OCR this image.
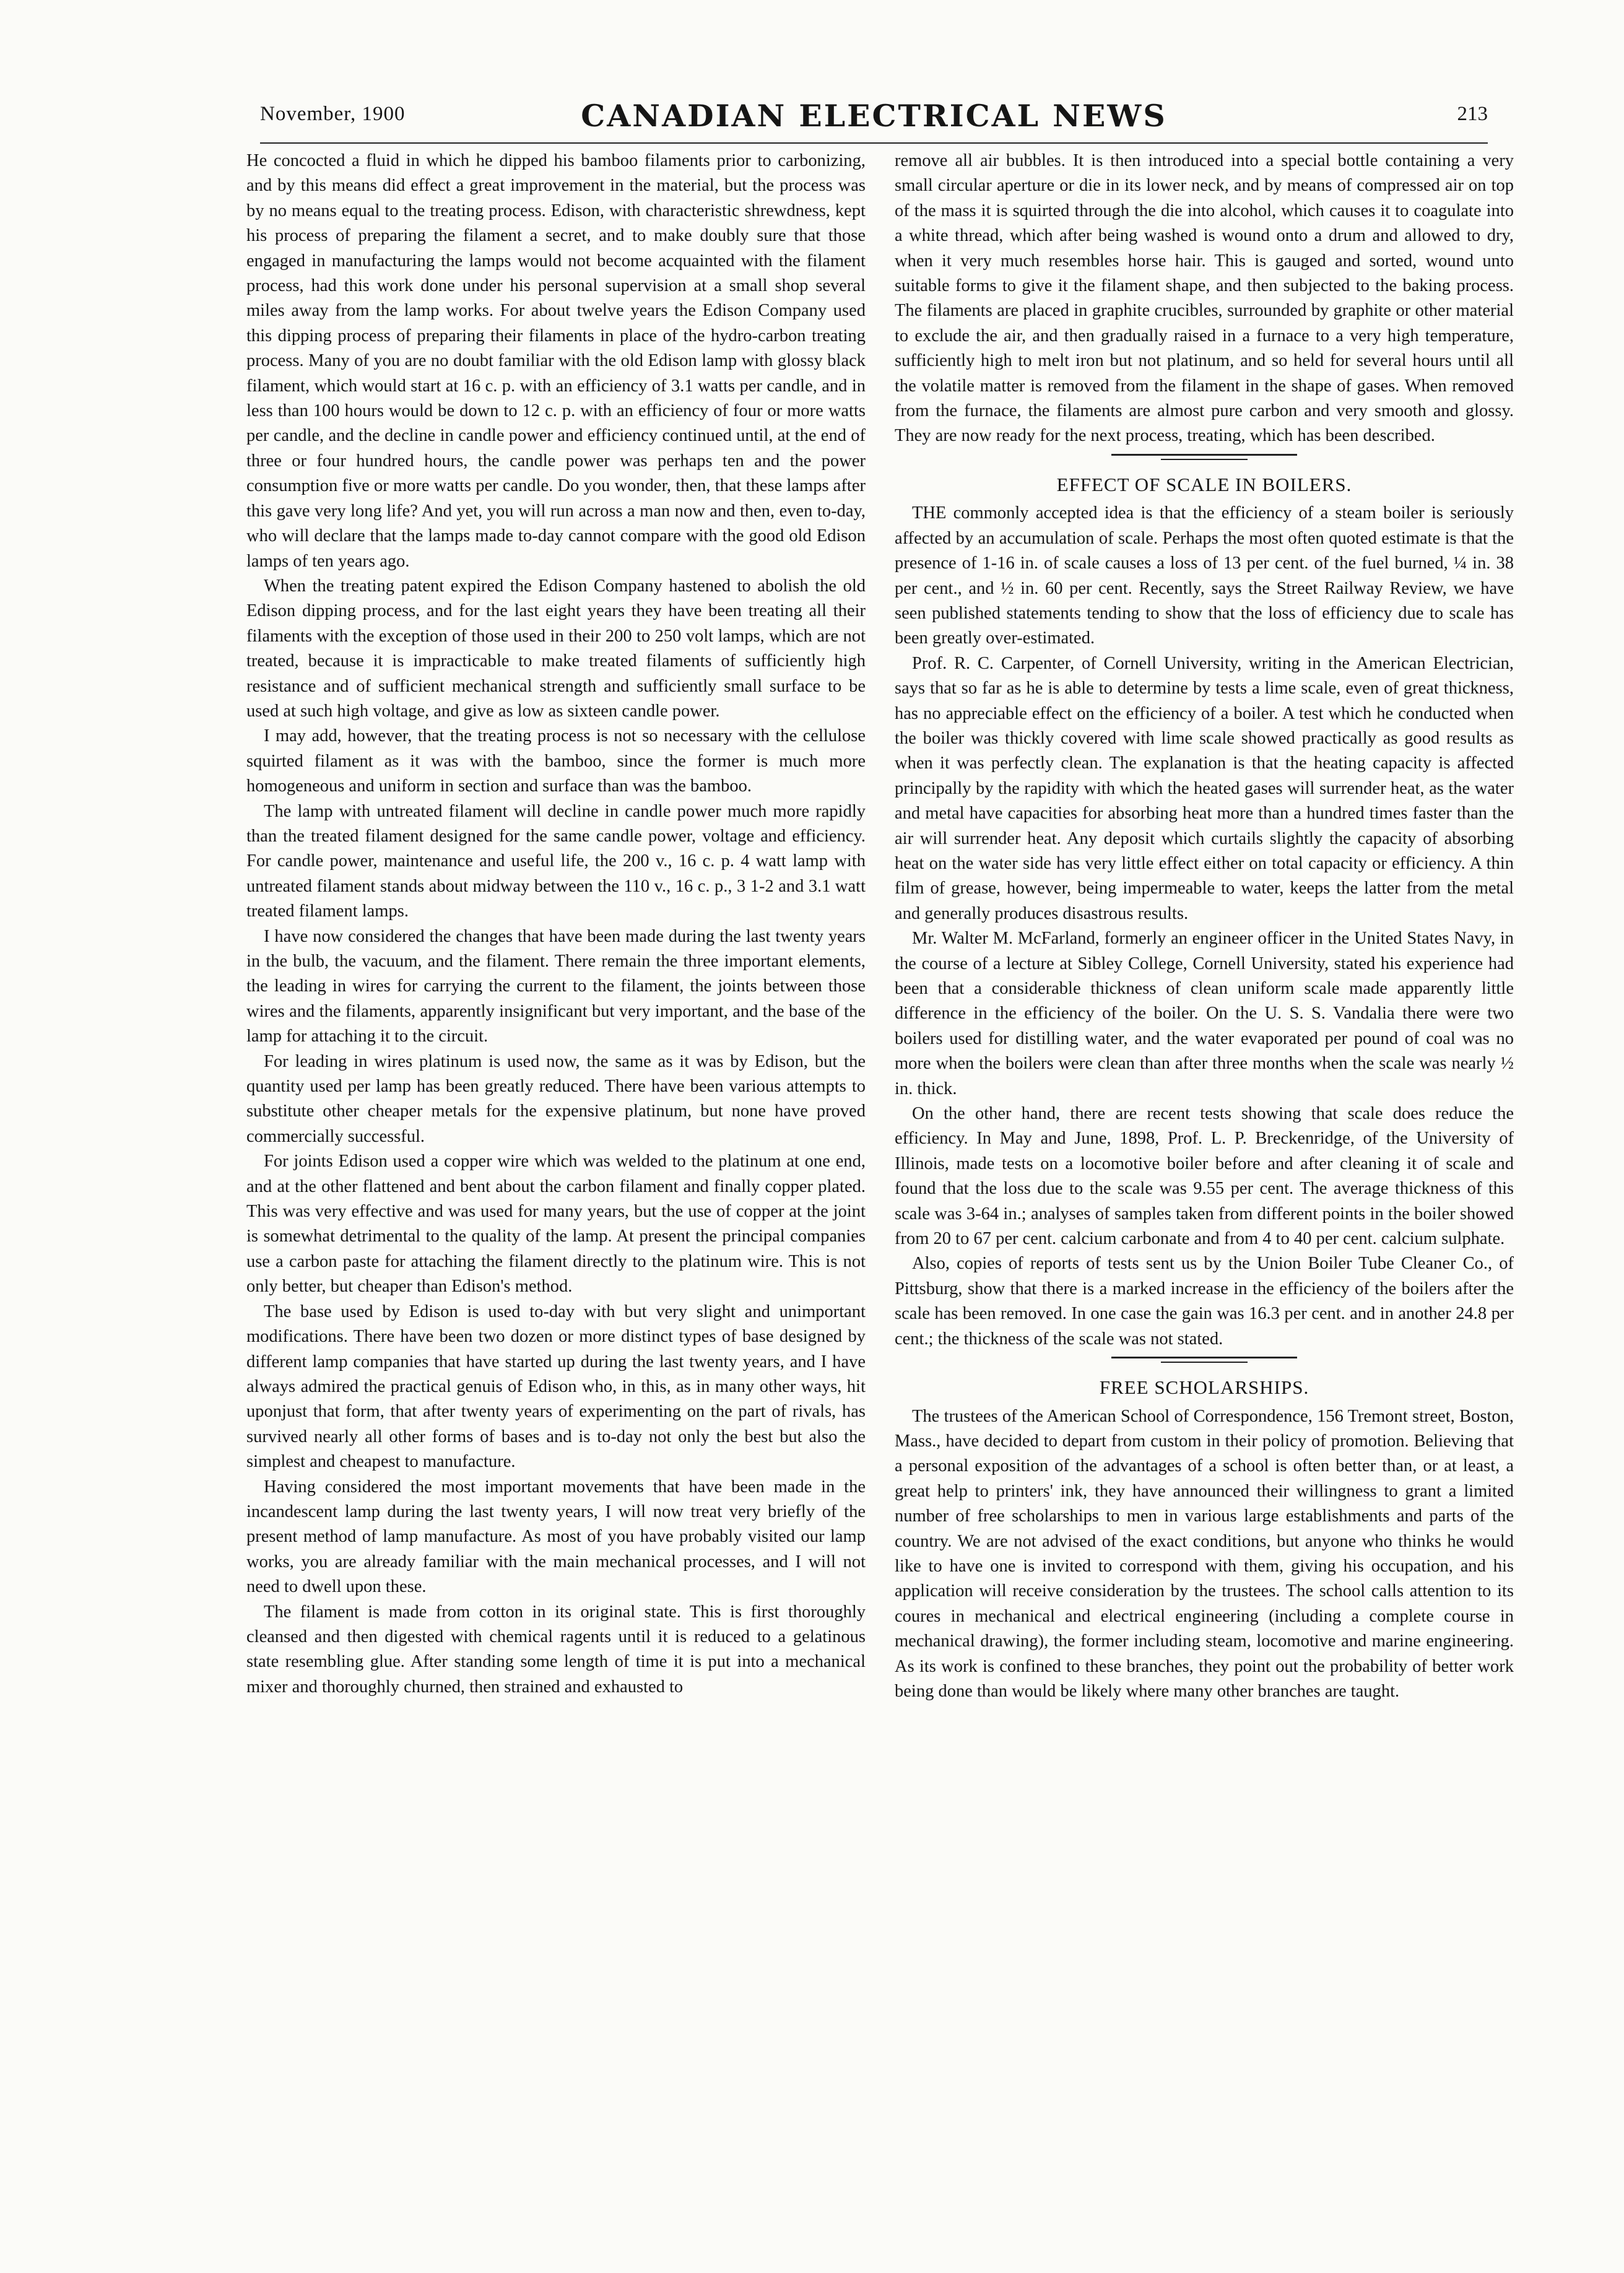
November, 1900	CANADIAN ELECTRICAL NEWS	213

He concocted a fluid in which he dipped his bamboo filaments prior to carbonizing, and by this means did effect a great improvement in the material, but the process was by no means equal to the treating process. Edison, with characteristic shrewdness, kept his process of preparing the filament a secret, and to make doubly sure that those engaged in manufacturing the lamps would not become acquainted with the filament process, had this work done under his personal supervision at a small shop several miles away from the lamp works. For about twelve years the Edison Company used this dipping process of preparing their filaments in place of the hydro-carbon treating process. Many of you are no doubt familiar with the old Edison lamp with glossy black filament, which would start at 16 c. p. with an efficiency of 3.1 watts per candle, and in less than 100 hours would be down to 12 c. p. with an efficiency of four or more watts per candle, and the decline in candle power and efficiency continued until, at the end of three or four hundred hours, the candle power was perhaps ten and the power consumption five or more watts per candle. Do you wonder, then, that these lamps after this gave very long life? And yet, you will run across a man now and then, even to-day, who will declare that the lamps made to-day cannot compare with the good old Edison lamps of ten years ago.

When the treating patent expired the Edison Company hastened to abolish the old Edison dipping process, and for the last eight years they have been treating all their filaments with the exception of those used in their 200 to 250 volt lamps, which are not treated, because it is impracticable to make treated filaments of sufficiently high resistance and of sufficient mechanical strength and sufficiently small surface to be used at such high voltage, and give as low as sixteen candle power.

I may add, however, that the treating process is not so necessary with the cellulose squirted filament as it was with the bamboo, since the former is much more homogeneous and uniform in section and surface than was the bamboo.

The lamp with untreated filament will decline in candle power much more rapidly than the treated filament designed for the same candle power, voltage and efficiency. For candle power, maintenance and useful life, the 200 v., 16 c. p. 4 watt lamp with untreated filament stands about midway between the 110 v., 16 c. p., 3 1-2 and 3.1 watt treated filament lamps.

I have now considered the changes that have been made during the last twenty years in the bulb, the vacuum, and the filament. There remain the three important elements, the leading in wires for carrying the current to the filament, the joints between those wires and the filaments, apparently insignificant but very important, and the base of the lamp for attaching it to the circuit.

For leading in wires platinum is used now, the same as it was by Edison, but the quantity used per lamp has been greatly reduced. There have been various attempts to substitute other cheaper metals for the expensive platinum, but none have proved commercially successful.

For joints Edison used a copper wire which was welded to the platinum at one end, and at the other flattened and bent about the carbon filament and finally copper plated. This was very effective and was used for many years, but the use of copper at the joint is somewhat detrimental to the quality of the lamp. At present the principal companies use a carbon paste for attaching the filament directly to the platinum wire. This is not only better, but cheaper than Edison's method.

The base used by Edison is used to-day with but very slight and unimportant modifications. There have been two dozen or more distinct types of base designed by different lamp companies that have started up during the last twenty years, and I have always admired the practical genuis of Edison who, in this, as in many other ways, hit uponjust that form, that after twenty years of experimenting on the part of rivals, has survived nearly all other forms of bases and is to-day not only the best but also the simplest and cheapest to manufacture.

Having considered the most important movements that have been made in the incandescent lamp during the last twenty years, I will now treat very briefly of the present method of lamp manufacture. As most of you have probably visited our lamp works, you are already familiar with the main mechanical processes, and I will not need to dwell upon these.

The filament is made from cotton in its original state. This is first thoroughly cleansed and then digested with chemical ragents until it is reduced to a gelatinous state resembling glue. After standing some length of time it is put into a mechanical mixer and thoroughly churned, then strained and exhausted to

remove all air bubbles. It is then introduced into a special bottle containing a very small circular aperture or die in its lower neck, and by means of compressed air on top of the mass it is squirted through the die into alcohol, which causes it to coagulate into a white thread, which after being washed is wound onto a drum and allowed to dry, when it very much resembles horse hair. This is gauged and sorted, wound unto suitable forms to give it the filament shape, and then subjected to the baking process. The filaments are placed in graphite crucibles, surrounded by graphite or other material to exclude the air, and then gradually raised in a furnace to a very high temperature, sufficiently high to melt iron but not platinum, and so held for several hours until all the volatile matter is removed from the filament in the shape of gases. When removed from the furnace, the filaments are almost pure carbon and very smooth and glossy. They are now ready for the next process, treating, which has been described.

EFFECT OF SCALE IN BOILERS.

THE commonly accepted idea is that the efficiency of a steam boiler is seriously affected by an accumulation of scale. Perhaps the most often quoted estimate is that the presence of 1-16 in. of scale causes a loss of 13 per cent. of the fuel burned, ¼ in. 38 per cent., and ½ in. 60 per cent. Recently, says the Street Railway Review, we have seen published statements tending to show that the loss of efficiency due to scale has been greatly over-estimated.

Prof. R. C. Carpenter, of Cornell University, writing in the American Electrician, says that so far as he is able to determine by tests a lime scale, even of great thickness, has no appreciable effect on the efficiency of a boiler. A test which he conducted when the boiler was thickly covered with lime scale showed practically as good results as when it was perfectly clean. The explanation is that the heating capacity is affected principally by the rapidity with which the heated gases will surrender heat, as the water and metal have capacities for absorbing heat more than a hundred times faster than the air will surrender heat. Any deposit which curtails slightly the capacity of absorbing heat on the water side has very little effect either on total capacity or efficiency. A thin film of grease, however, being impermeable to water, keeps the latter from the metal and generally produces disastrous results.

Mr. Walter M. McFarland, formerly an engineer officer in the United States Navy, in the course of a lecture at Sibley College, Cornell University, stated his experience had been that a considerable thickness of clean uniform scale made apparently little difference in the efficiency of the boiler. On the U. S. S. Vandalia there were two boilers used for distilling water, and the water evaporated per pound of coal was no more when the boilers were clean than after three months when the scale was nearly ½ in. thick.

On the other hand, there are recent tests showing that scale does reduce the efficiency. In May and June, 1898, Prof. L. P. Breckenridge, of the University of Illinois, made tests on a locomotive boiler before and after cleaning it of scale and found that the loss due to the scale was 9.55 per cent. The average thickness of this scale was 3-64 in.; analyses of samples taken from different points in the boiler showed from 20 to 67 per cent. calcium carbonate and from 4 to 40 per cent. calcium sulphate.

Also, copies of reports of tests sent us by the Union Boiler Tube Cleaner Co., of Pittsburg, show that there is a marked increase in the efficiency of the boilers after the scale has been removed. In one case the gain was 16.3 per cent. and in another 24.8 per cent.; the thickness of the scale was not stated.

FREE SCHOLARSHIPS.

The trustees of the American School of Correspondence, 156 Tremont street, Boston, Mass., have decided to depart from custom in their policy of promotion. Believing that a personal exposition of the advantages of a school is often better than, or at least, a great help to printers' ink, they have announced their willingness to grant a limited number of free scholarships to men in various large establishments and parts of the country. We are not advised of the exact conditions, but anyone who thinks he would like to have one is invited to correspond with them, giving his occupation, and his application will receive consideration by the trustees. The school calls attention to its coures in mechanical and electrical engineering (including a complete course in mechanical drawing), the former including steam, locomotive and marine engineering. As its work is confined to these branches, they point out the probability of better work being done than would be likely where many other branches are taught.
